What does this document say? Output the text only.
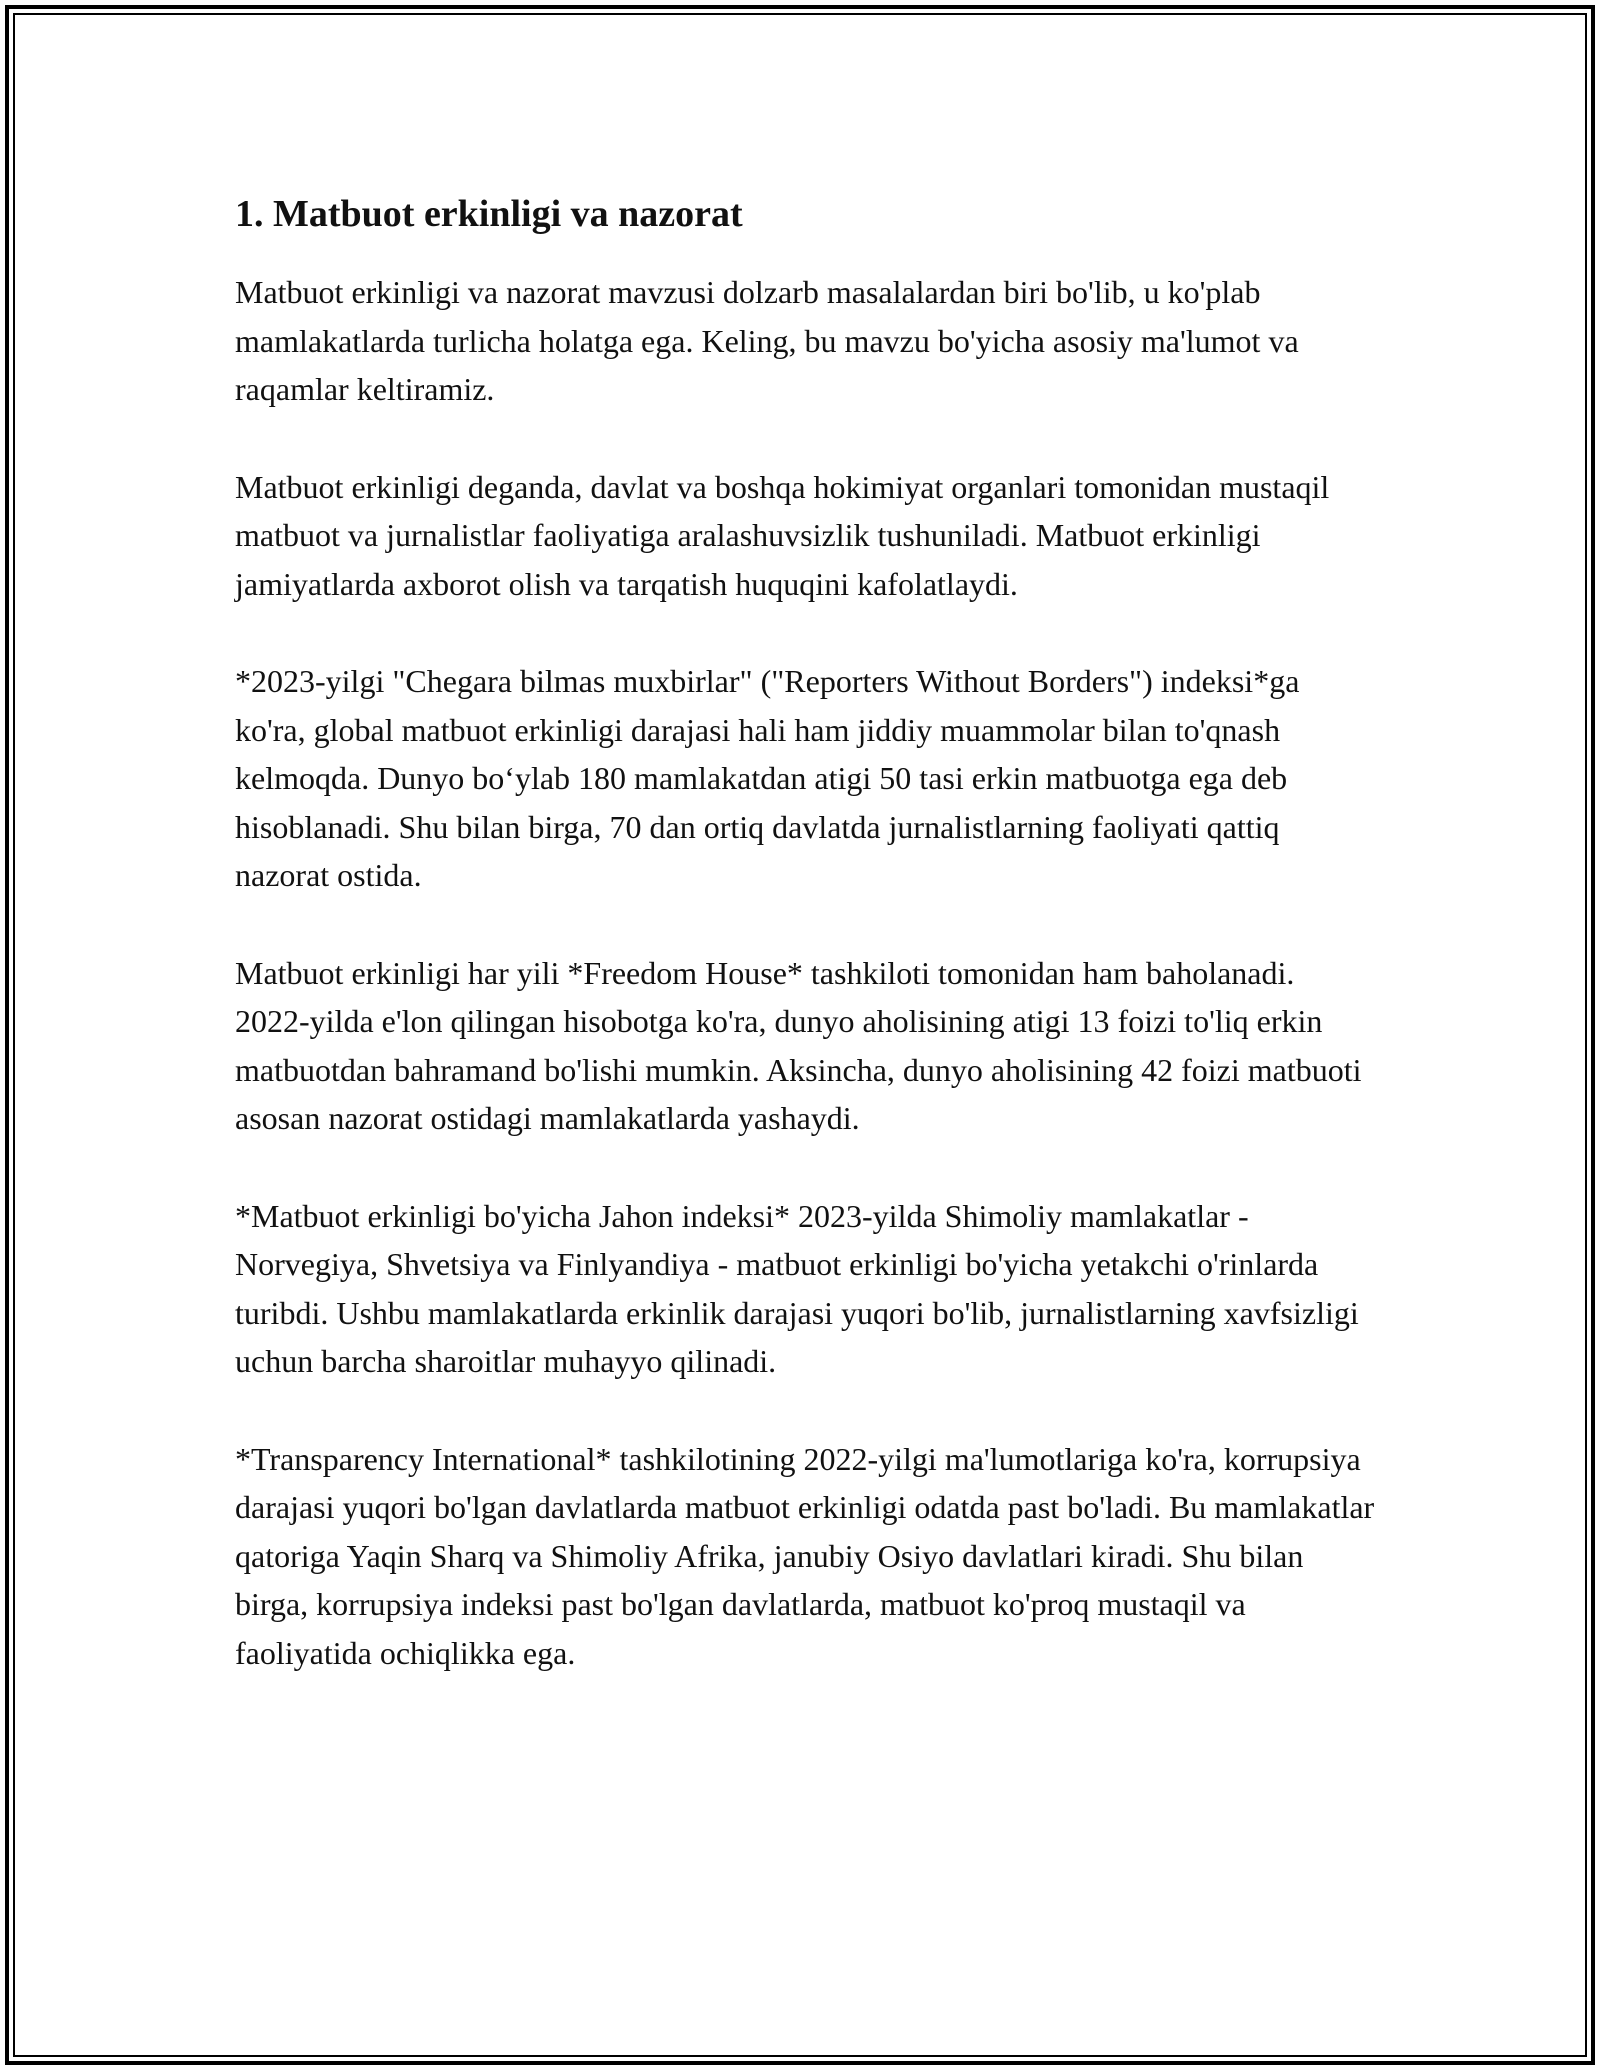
1. Matbuot erkinligi va nazorat

Matbuot erkinligi va nazorat mavzusi dolzarb masalalardan biri bo'lib, u ko'plab mamlakatlarda turlicha holatga ega. Keling, bu mavzu bo'yicha asosiy ma'lumot va raqamlar keltiramiz.

Matbuot erkinligi deganda, davlat va boshqa hokimiyat organlari tomonidan mustaqil matbuot va jurnalistlar faoliyatiga aralashuvsizlik tushuniladi. Matbuot erkinligi jamiyatlarda axborot olish va tarqatish huquqini kafolatlaydi.

*2023-yilgi "Chegara bilmas muxbirlar" ("Reporters Without Borders") indeksi*ga ko'ra, global matbuot erkinligi darajasi hali ham jiddiy muammolar bilan to'qnash kelmoqda. Dunyo bo‘ylab 180 mamlakatdan atigi 50 tasi erkin matbuotga ega deb hisoblanadi. Shu bilan birga, 70 dan ortiq davlatda jurnalistlarning faoliyati qattiq nazorat ostida.

Matbuot erkinligi har yili *Freedom House* tashkiloti tomonidan ham baholanadi. 2022-yilda e'lon qilingan hisobotga ko'ra, dunyo aholisining atigi 13 foizi to'liq erkin matbuotdan bahramand bo'lishi mumkin. Aksincha, dunyo aholisining 42 foizi matbuoti asosan nazorat ostidagi mamlakatlarda yashaydi.

*Matbuot erkinligi bo'yicha Jahon indeksi* 2023-yilda Shimoliy mamlakatlar - Norvegiya, Shvetsiya va Finlyandiya - matbuot erkinligi bo'yicha yetakchi o'rinlarda turibdi. Ushbu mamlakatlarda erkinlik darajasi yuqori bo'lib, jurnalistlarning xavfsizligi uchun barcha sharoitlar muhayyo qilinadi.

*Transparency International* tashkilotining 2022-yilgi ma'lumotlariga ko'ra, korrupsiya darajasi yuqori bo'lgan davlatlarda matbuot erkinligi odatda past bo'ladi. Bu mamlakatlar qatoriga Yaqin Sharq va Shimoliy Afrika, janubiy Osiyo davlatlari kiradi. Shu bilan birga, korrupsiya indeksi past bo'lgan davlatlarda, matbuot ko'proq mustaqil va faoliyatida ochiqlikka ega.
